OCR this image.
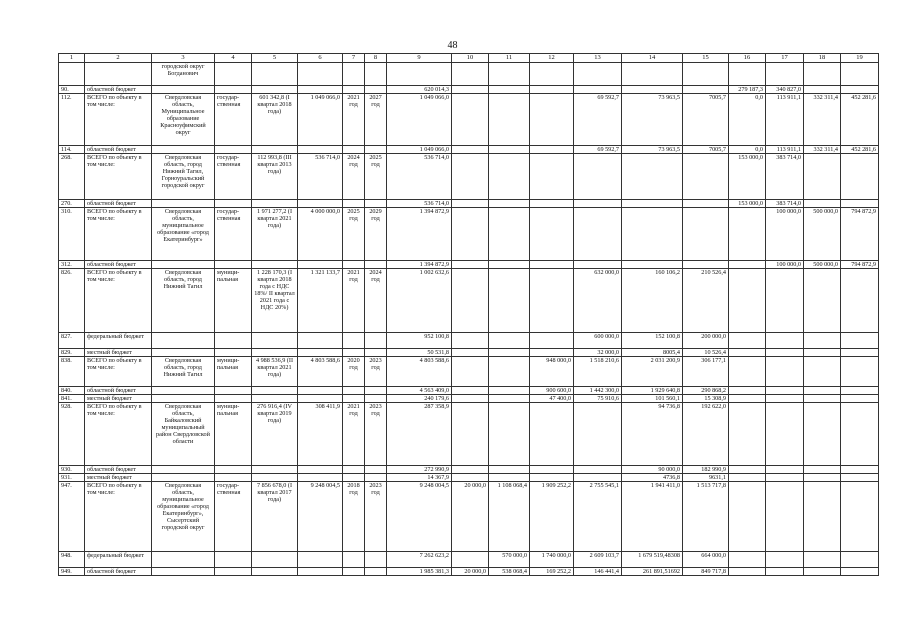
48
1	2	3	4	5	6	7	8	9	10	11	12	13	14	15	16	17	18	19
		городской округ Богданович																
90.	областной бюджет							620 014,3							279 187,3	340 827,0		
112.	ВСЕГО по объекту в том числе:	Свердловская область, Муниципальное образование Красноуфимский округ	государ-ственная	601 342,8 (I квартал 2018 года)	1 049 066,0	2021 год	2027 год	1 049 066,0				69 592,7	73 963,5	7005,7	0,0	113 911,1	332 311,4	452 281,6
114.	областной бюджет							1 049 066,0				69 592,7	73 963,5	7005,7	0,0	113 911,1	332 311,4	452 281,6
268.	ВСЕГО по объекту в том числе:	Свердловская область, город Нижний Тагил, Горноуральский городской округ	государ-ственная	112 993,8 (III квартал 2013 года)	536 714,0	2024 год	2025 год	536 714,0							153 000,0	383 714,0		
270.	областной бюджет							536 714,0							153 000,0	383 714,0		
310.	ВСЕГО по объекту в том числе:	Свердловская область, муниципальное образование «город Екатеринбург»	государ-ственная	1 971 277,2 (I квартал 2021 года)	4 000 000,0	2025 год	2029 год	1 394 872,9								100 000,0	500 000,0	794 872,9
312.	областной бюджет							1 394 872,9								100 000,0	500 000,0	794 872,9
826.	ВСЕГО по объекту в том числе:	Свердловская область, город Нижний Тагил	муници-пальная	1 228 170,3 (I квартал 2018 года с НДС 18%/ II квартал 2021 года с НДС 20%)	1 321 133,7	2021 год	2024 год	1 002 632,6				632 000,0	160 106,2	210 526,4				
827.	федеральный бюджет							952 100,8				600 000,0	152 100,8	200 000,0				
829.	местный бюджет							50 531,8				32 000,0	8005,4	10 526,4				
838.	ВСЕГО по объекту в том числе:	Свердловская область, город Нижний Тагил	муници-пальная	4 988 536,9 (II квартал 2021 года)	4 803 588,6	2020 год	2023 год	4 803 588,6			948 000,0	1 518 210,6	2 031 200,9	306 177,1				
840.	областной бюджет							4 563 409,0			900 600,0	1 442 300,0	1 929 640,8	290 868,2				
841.	местный бюджет							240 179,6			47 400,0	75 910,6	101 560,1	15 308,9				
928.	ВСЕГО по объекту в том числе:	Свердловская область, Байкаловский муниципальный район Свердловской области	муници-пальная	276 916,4 (IV квартал 2019 года)	308 411,9	2021 год	2023 год	287 358,9					94 736,8	192 622,0				
930.	областной бюджет							272 990,9					90 000,0	182 990,9				
931.	местный бюджет							14 367,9					4736,8	9631,1				
947.	ВСЕГО по объекту в том числе:	Свердловская область, муниципальное образование «город Екатеринбург», Сысертский городской округ	государ-ственная	7 856 678,0 (I квартал 2017 года)	9 248 004,5	2018 год	2023 год	9 248 004,5	20 000,0	1 108 068,4	1 909 252,2	2 755 545,1	1 941 411,0	1 513 717,8				
948.	федеральный бюджет							7 262 623,2		570 000,0	1 740 000,0	2 609 103,7	1 679 519,48308	664 000,0				
949.	областной бюджет							1 985 381,3	20 000,0	538 068,4	169 252,2	146 441,4	261 891,51692	849 717,8				
